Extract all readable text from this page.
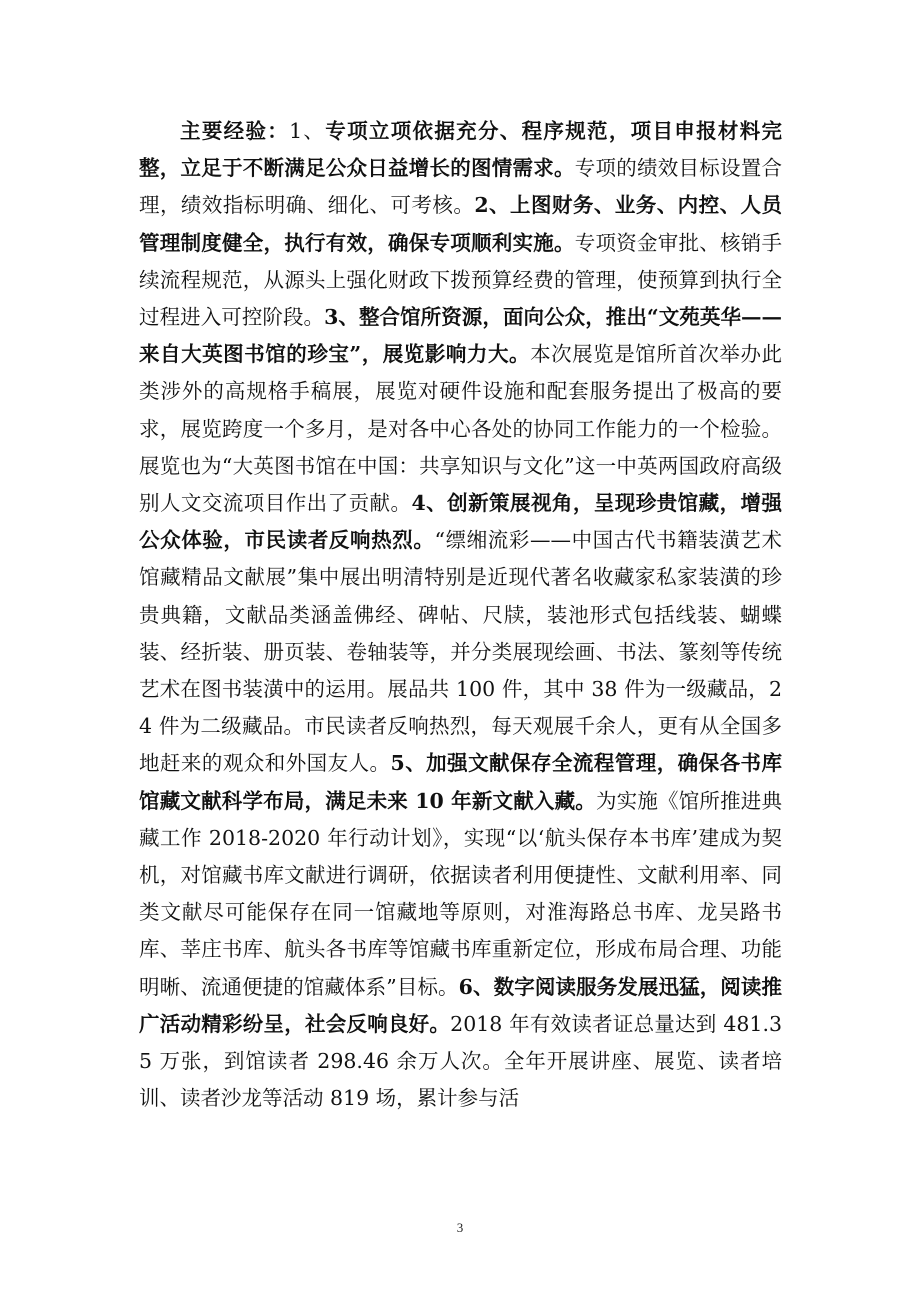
主要经验：1、专项立项依据充分、程序规范，项目申报材料完整，立足于不断满足公众日益增长的图情需求。专项的绩效目标设置合理，绩效指标明确、细化、可考核。2、上图财务、业务、内控、人员管理制度健全，执行有效，确保专项顺利实施。专项资金审批、核销手续流程规范，从源头上强化财政下拨预算经费的管理，使预算到执行全过程进入可控阶段。3、整合馆所资源，面向公众，推出“文苑英华——来自大英图书馆的珍宝”，展览影响力大。本次展览是馆所首次举办此类涉外的高规格手稿展，展览对硬件设施和配套服务提出了极高的要求，展览跨度一个多月，是对各中心各处的协同工作能力的一个检验。展览也为“大英图书馆在中国：共享知识与文化”这一中英两国政府高级别人文交流项目作出了贡献。4、创新策展视角，呈现珍贵馆藏，增强公众体验，市民读者反响热烈。“缥缃流彩——中国古代书籍装潢艺术馆藏精品文献展”集中展出明清特别是近现代著名收藏家私家装潢的珍贵典籍，文献品类涵盖佛经、碑帖、尺牍，装池形式包括线装、蝴蝶装、经折装、册页装、卷轴装等，并分类展现绘画、书法、篆刻等传统艺术在图书装潢中的运用。展品共 100 件，其中 38 件为一级藏品，24 件为二级藏品。市民读者反响热烈，每天观展千余人，更有从全国多地赶来的观众和外国友人。5、加强文献保存全流程管理，确保各书库馆藏文献科学布局，满足未来 10 年新文献入藏。为实施《馆所推进典藏工作 2018-2020 年行动计划》，实现“以‘航头保存本书库’建成为契机，对馆藏书库文献进行调研，依据读者利用便捷性、文献利用率、同类文献尽可能保存在同一馆藏地等原则，对淮海路总书库、龙吴路书库、莘庄书库、航头各书库等馆藏书库重新定位，形成布局合理、功能明晰、流通便捷的馆藏体系”目标。6、数字阅读服务发展迅猛，阅读推广活动精彩纷呈，社会反响良好。2018 年有效读者证总量达到 481.35 万张，到馆读者 298.46 余万人次。全年开展讲座、展览、读者培训、读者沙龙等活动 819 场，累计参与活

3
